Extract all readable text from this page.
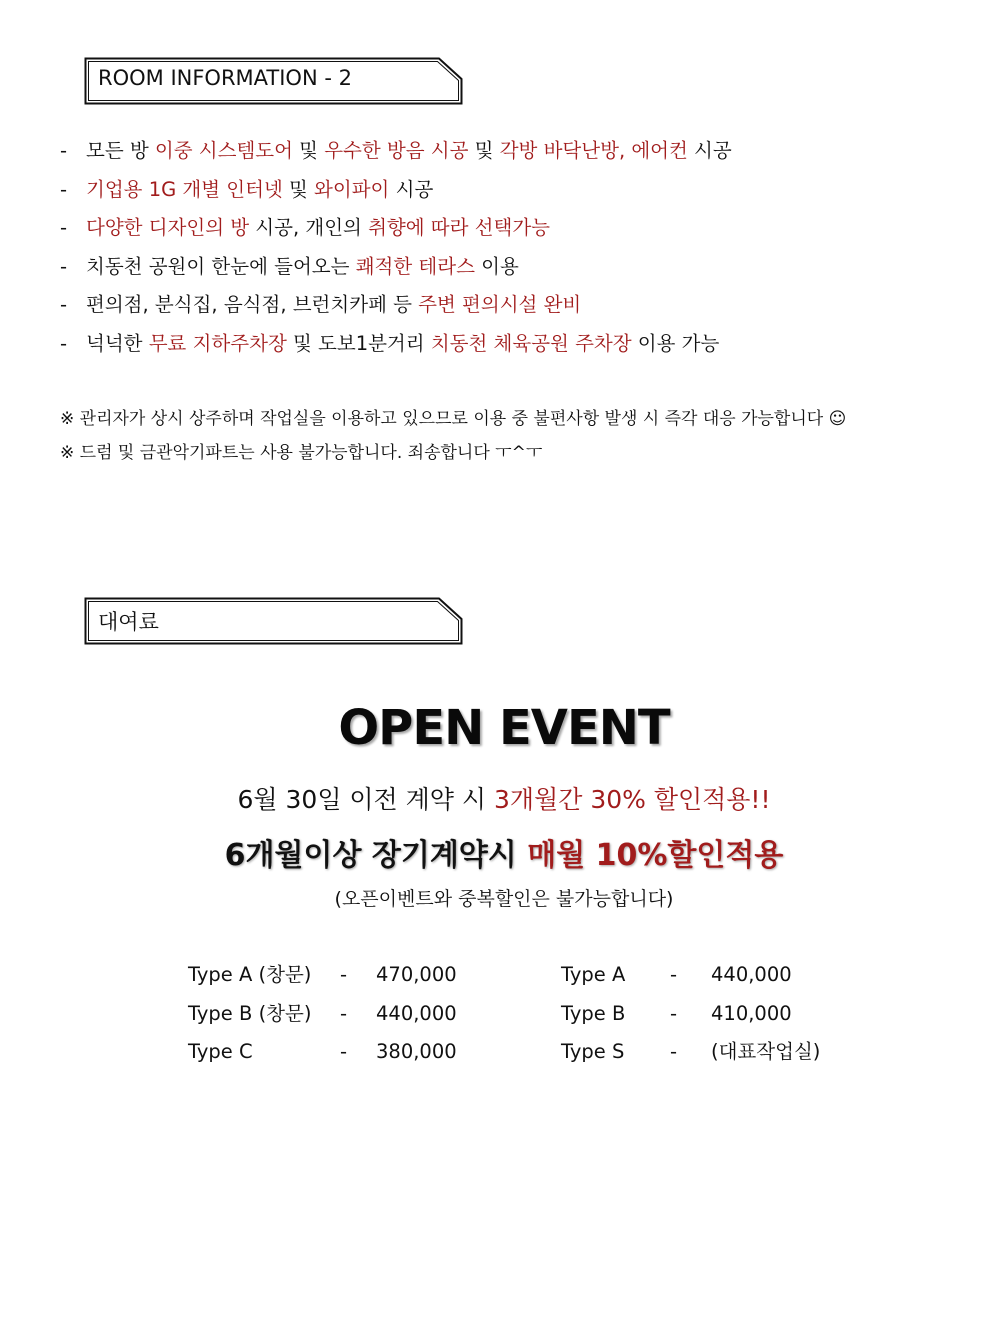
ROOM INFORMATION - 2
- 모든 방 이중 시스템도어 및 우수한 방음 시공 및 각방 바닥난방, 에어컨 시공
- 기업용 1G 개별 인터넷 및 와이파이 시공
- 다양한 디자인의 방 시공, 개인의 취향에 따라 선택가능
- 치동천 공원이 한눈에 들어오는 쾌적한 테라스 이용
- 편의점, 분식집, 음식점, 브런치카페 등 주변 편의시설 완비
- 넉넉한 무료 지하주차장 및 도보1분거리 치동천 체육공원 주차장 이용 가능
※ 관리자가 상시 상주하며 작업실을 이용하고 있으므로 이용 중 불편사항 발생 시 즉각 대응 가능합니다 ☺
※ 드럼 및 금관악기파트는 사용 불가능합니다. 죄송합니다 ㅜ^ㅜ
대여료
OPEN EVENT
6월 30일 이전 계약 시 3개월간 30% 할인적용!!
6개월이상 장기계약시 매월 10%할인적용
(오픈이벤트와 중복할인은 불가능합니다)
Type A (창문) - 470,000
Type B (창문) - 440,000
Type C	- 380,000
Type A - 440,000
Type B - 410,000
Type S - (대표작업실)
